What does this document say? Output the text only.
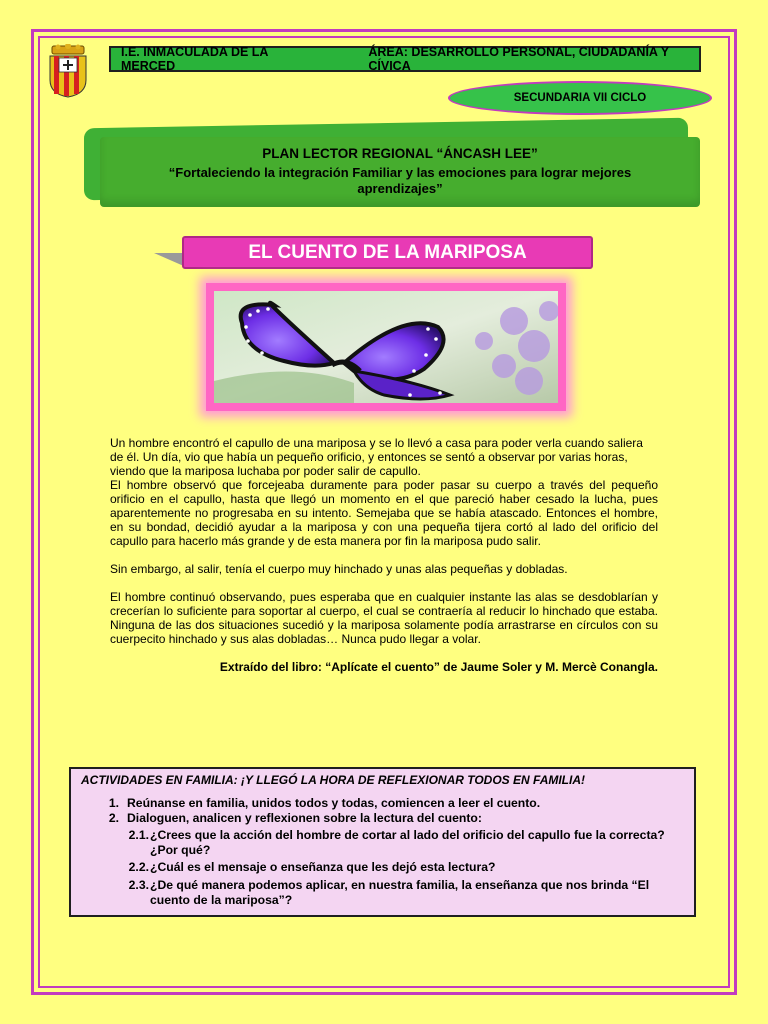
I.E. INMACULADA DE LA MERCED
ÁREA: DESARROLLO PERSONAL, CIUDADANÍA Y CÍVICA
SECUNDARIA VII CICLO
PLAN LECTOR REGIONAL “ÁNCASH LEE”
“Fortaleciendo la integración Familiar y las emociones para lograr mejores aprendizajes”
EL CUENTO DE LA MARIPOSA

Un hombre encontró el capullo de una mariposa y se lo llevó a casa para poder verla cuando saliera de él. Un día, vio que había un pequeño orificio, y entonces se sentó a observar por varias horas, viendo que la mariposa luchaba por poder salir de capullo.

El hombre observó que forcejeaba duramente para poder pasar su cuerpo a través del pequeño orificio en el capullo, hasta que llegó un momento en el que pareció haber cesado la lucha, pues aparentemente no progresaba en su intento. Semejaba que se había atascado. Entonces el hombre, en su bondad, decidió ayudar a la mariposa y con una pequeña tijera cortó al lado del orificio del capullo para hacerlo más grande y de esta manera por fin la mariposa pudo salir.

Sin embargo, al salir, tenía el cuerpo muy hinchado y unas alas pequeñas y dobladas.

El hombre continuó observando, pues esperaba que en cualquier instante las alas se desdoblarían y crecerían lo suficiente para soportar al cuerpo, el cual se contraería al reducir lo hinchado que estaba. Ninguna de las dos situaciones sucedió y la mariposa solamente podía arrastrarse en círculos con su cuerpecito hinchado y sus alas dobladas… Nunca pudo llegar a volar.

Extraído del libro: “Aplícate el cuento” de Jaume Soler y M. Mercè Conangla.

ACTIVIDADES EN FAMILIA: ¡Y LLEGÓ LA HORA DE REFLEXIONAR TODOS EN FAMILIA!
1. Reúnanse en familia, unidos todos y todas, comiencen a leer el cuento.
2. Dialoguen, analicen y reflexionen sobre la lectura del cuento:
2.1. ¿Crees que la acción del hombre de cortar al lado del orificio del capullo fue la correcta?
¿Por qué?
2.2. ¿Cuál es el mensaje o enseñanza que les dejó esta lectura?
2.3. ¿De qué manera podemos aplicar, en nuestra familia, la enseñanza que nos brinda “El
cuento de la mariposa”?
